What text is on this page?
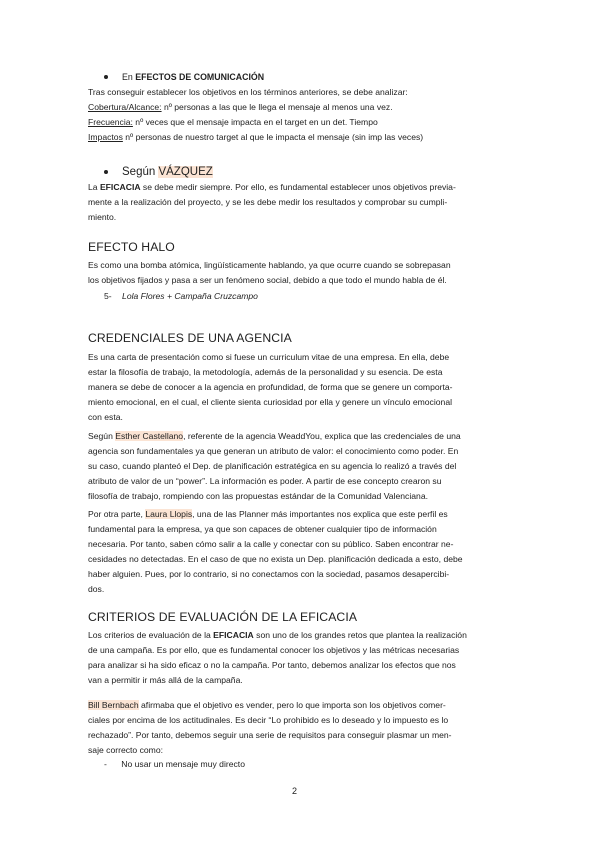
En EFECTOS DE COMUNICACIÓN
Tras conseguir establecer los objetivos en los términos anteriores, se debe analizar:
Cobertura/Alcance: nº personas a las que le llega el mensaje al menos una vez.
Frecuencia: nº veces que el mensaje impacta en el target en un det. Tiempo
Impactos nº personas de nuestro target al que le impacta el mensaje (sin imp las veces)
Según VÁZQUEZ
La EFICACIA se debe medir siempre. Por ello, es fundamental establecer unos objetivos previa-
mente a la realización del proyecto, y se les debe medir los resultados y comprobar su cumpli-
miento.
EFECTO HALO
Es como una bomba atómica, lingüísticamente hablando, ya que ocurre cuando se sobrepasan
los objetivos fijados y pasa a ser un fenómeno social, debido a que todo el mundo habla de él.
5- Lola Flores + Campaña Cruzcampo
CREDENCIALES DE UNA AGENCIA
Es una carta de presentación como si fuese un curriculum vitae de una empresa. En ella, debe
estar la filosofía de trabajo, la metodología, además de la personalidad y su esencia. De esta
manera se debe de conocer a la agencia en profundidad, de forma que se genere un comporta-
miento emocional, en el cual, el cliente sienta curiosidad por ella y genere un vínculo emocional
con esta.
Según Esther Castellano, referente de la agencia WeaddYou, explica que las credenciales de una
agencia son fundamentales ya que generan un atributo de valor: el conocimiento como poder. En
su caso, cuando planteó el Dep. de planificación estratégica en su agencia lo realizó a través del
atributo de valor de un “power”. La información es poder. A partir de ese concepto crearon su
filosofía de trabajo, rompiendo con las propuestas estándar de la Comunidad Valenciana.
Por otra parte, Laura Llopis, una de las Planner más importantes nos explica que este perfil es
fundamental para la empresa, ya que son capaces de obtener cualquier tipo de información
necesaria. Por tanto, saben cómo salir a la calle y conectar con su público. Saben encontrar ne-
cesidades no detectadas. En el caso de que no exista un Dep. planificación dedicada a esto, debe
haber alguien. Pues, por lo contrario, si no conectamos con la sociedad, pasamos desapercibi-
dos.
CRITERIOS DE EVALUACIÓN DE LA EFICACIA
Los criterios de evaluación de la EFICACIA son uno de los grandes retos que plantea la realización
de una campaña. Es por ello, que es fundamental conocer los objetivos y las métricas necesarias
para analizar si ha sido eficaz o no la campaña. Por tanto, debemos analizar los efectos que nos
van a permitir ir más allá de la campaña.
Bill Bernbach afirmaba que el objetivo es vender, pero lo que importa son los objetivos comer-
ciales por encima de los actitudinales. Es decir “Lo prohibido es lo deseado y lo impuesto es lo
rechazado”. Por tanto, debemos seguir una serie de requisitos para conseguir plasmar un men-
saje correcto como:
- No usar un mensaje muy directo
2
